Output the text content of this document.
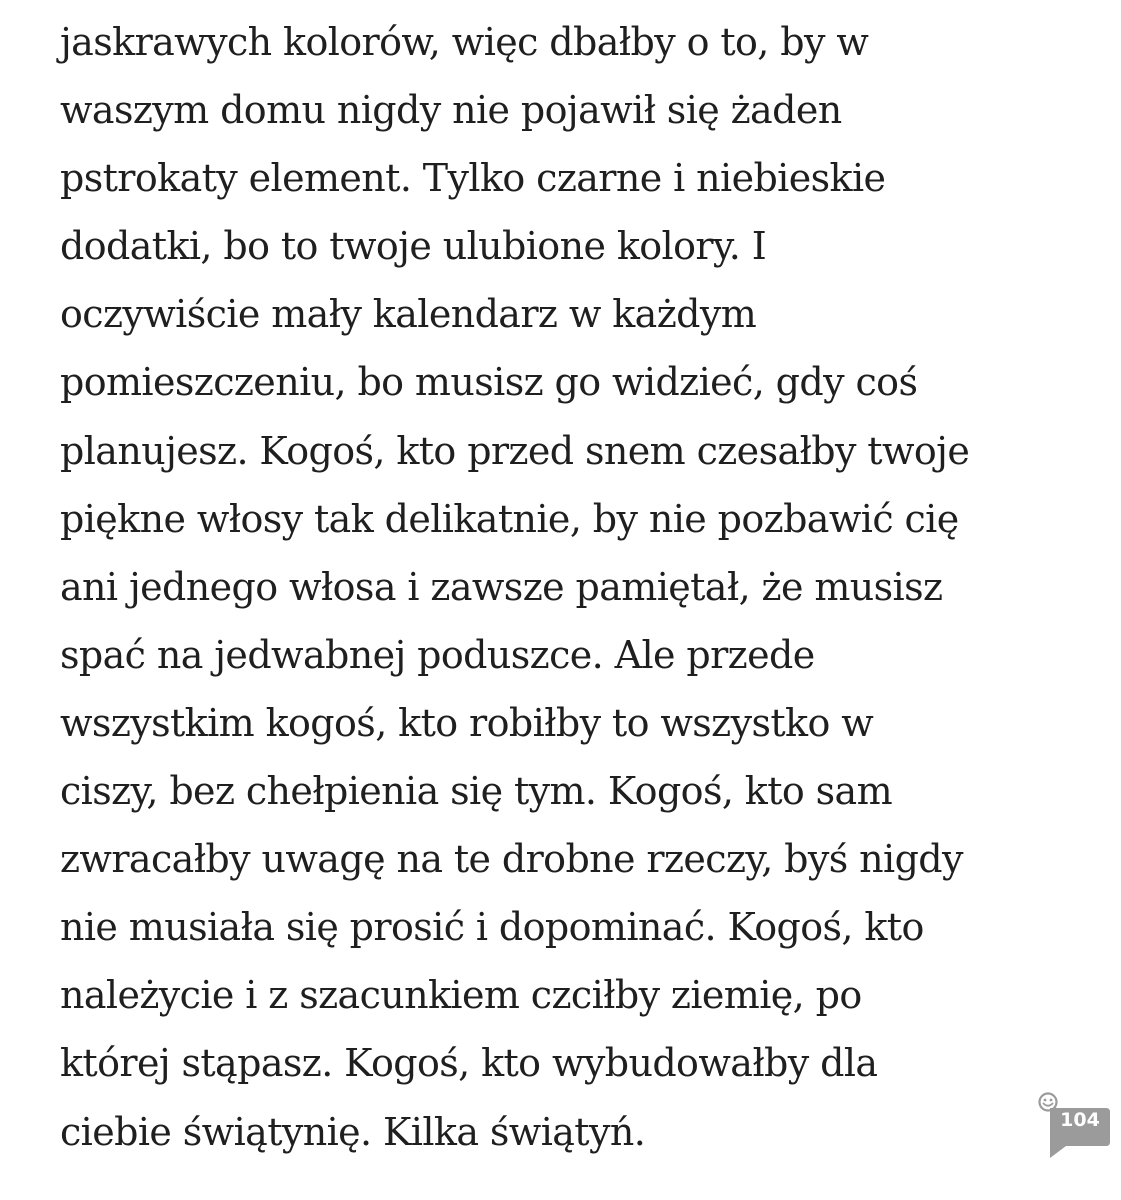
jaskrawych kolorów, więc dbałby o to, by w
waszym domu nigdy nie pojawił się żaden
pstrokaty element. Tylko czarne i niebieskie
dodatki, bo to twoje ulubione kolory. I
oczywiście mały kalendarz w każdym
pomieszczeniu, bo musisz go widzieć, gdy coś
planujesz. Kogoś, kto przed snem czesałby twoje
piękne włosy tak delikatnie, by nie pozbawić cię
ani jednego włosa i zawsze pamiętał, że musisz
spać na jedwabnej poduszce. Ale przede
wszystkim kogoś, kto robiłby to wszystko w
ciszy, bez chełpienia się tym. Kogoś, kto sam
zwracałby uwagę na te drobne rzeczy, byś nigdy
nie musiała się prosić i dopominać. Kogoś, kto
należycie i z szacunkiem czciłby ziemię, po
której stąpasz. Kogoś, kto wybudowałby dla
ciebie świątynię. Kilka świątyń.	104
